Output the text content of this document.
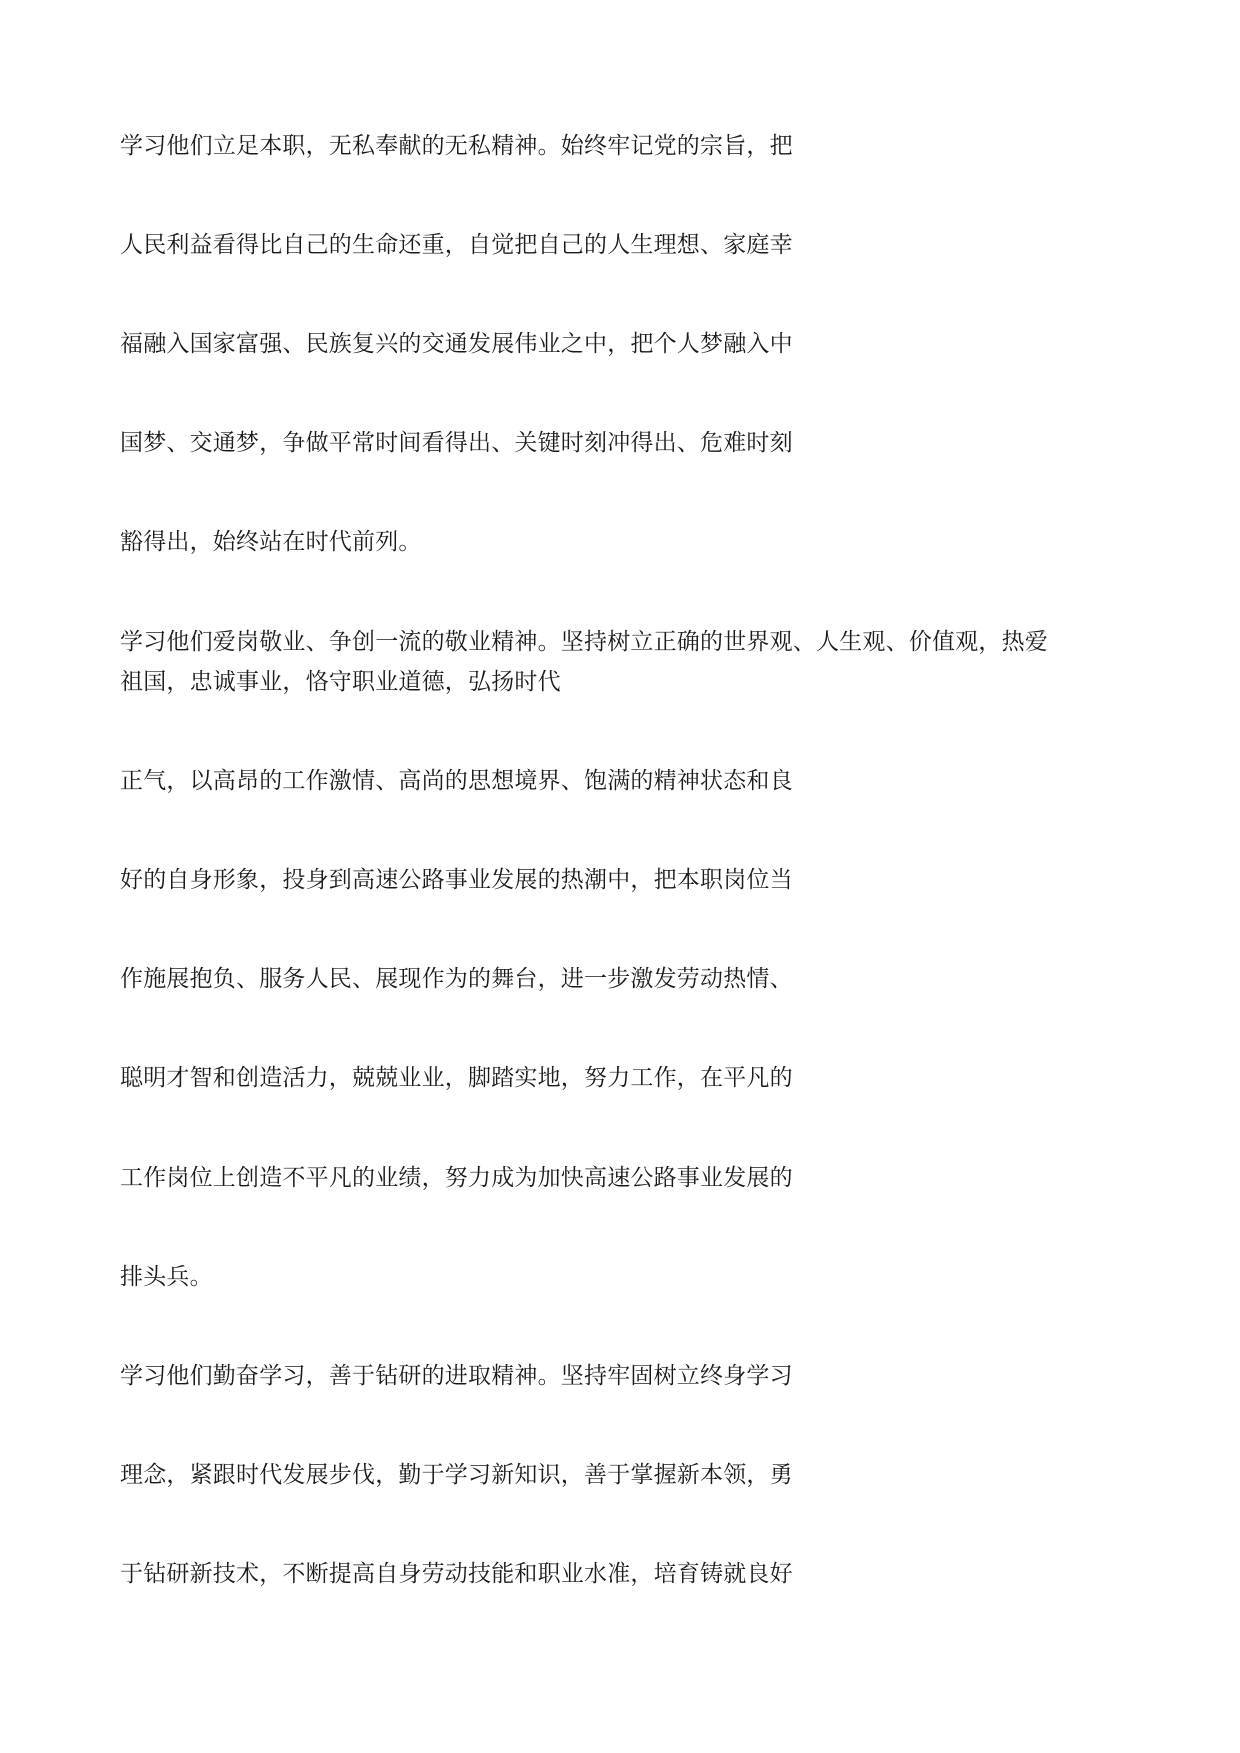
学习他们立足本职，无私奉献的无私精神。始终牢记党的宗旨，把
人民利益看得比自己的生命还重，自觉把自己的人生理想、家庭幸
福融入国家富强、民族复兴的交通发展伟业之中，把个人梦融入中
国梦、交通梦，争做平常时间看得出、关键时刻冲得出、危难时刻
豁得出，始终站在时代前列。
学习他们爱岗敬业、争创一流的敬业精神。坚持树立正确的世界观、人生观、价值观，热爱
祖国，忠诚事业，恪守职业道德，弘扬时代
正气，以高昂的工作激情、高尚的思想境界、饱满的精神状态和良
好的自身形象，投身到高速公路事业发展的热潮中，把本职岗位当
作施展抱负、服务人民、展现作为的舞台，进一步激发劳动热情、
聪明才智和创造活力，兢兢业业，脚踏实地，努力工作，在平凡的
工作岗位上创造不平凡的业绩，努力成为加快高速公路事业发展的
排头兵。
学习他们勤奋学习，善于钻研的进取精神。坚持牢固树立终身学习
理念，紧跟时代发展步伐，勤于学习新知识，善于掌握新本领，勇
于钻研新技术，不断提高自身劳动技能和职业水准，培育铸就良好
